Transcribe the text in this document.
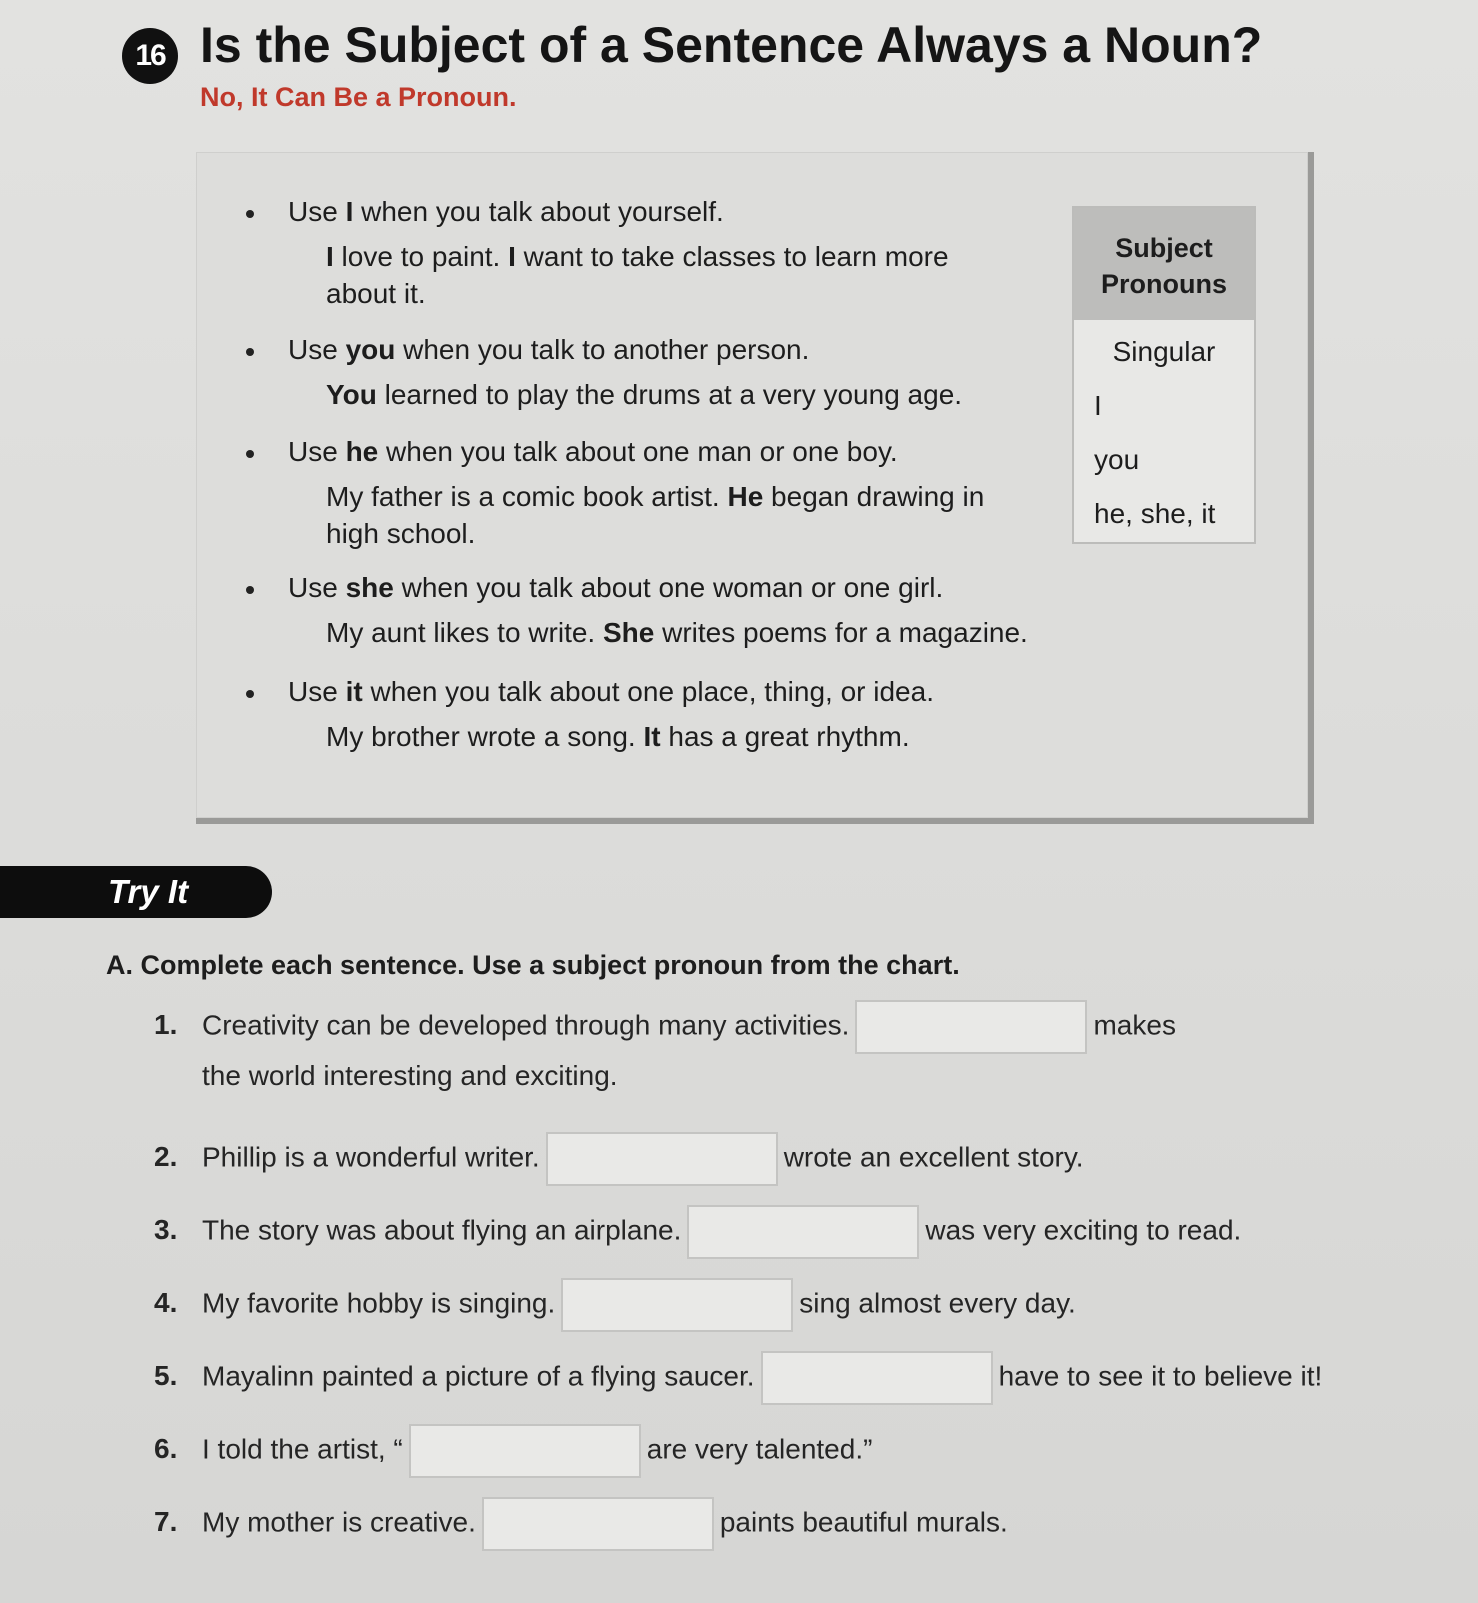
16 Is the Subject of a Sentence Always a Noun?
No, It Can Be a Pronoun.

Use I when you talk about yourself.

I love to paint. I want to take classes to learn more about it.

Use you when you talk to another person.

You learned to play the drums at a very young age.

Use he when you talk about one man or one boy.

My father is a comic book artist. He began drawing in high school.

Use she when you talk about one woman or one girl.

My aunt likes to write. She writes poems for a magazine.

Use it when you talk about one place, thing, or idea.

My brother wrote a song. It has a great rhythm.

Subject
Pronouns
Singular
I
you
he, she, it
Try It

A. Complete each sentence. Use a subject pronoun from the chart.

1. Creativity can be developed through many activities.	makes
the world interesting and exciting.
2. Phillip is a wonderful writer.	wrote an excellent story.
3. The story was about flying an airplane.	was very exciting to read.
4. My favorite hobby is singing.	sing almost every day.
5. Mayalinn painted a picture of a flying saucer.	have to see it to believe it!
6. I told the artist, “	are very talented.”
7. My mother is creative.	paints beautiful murals.
